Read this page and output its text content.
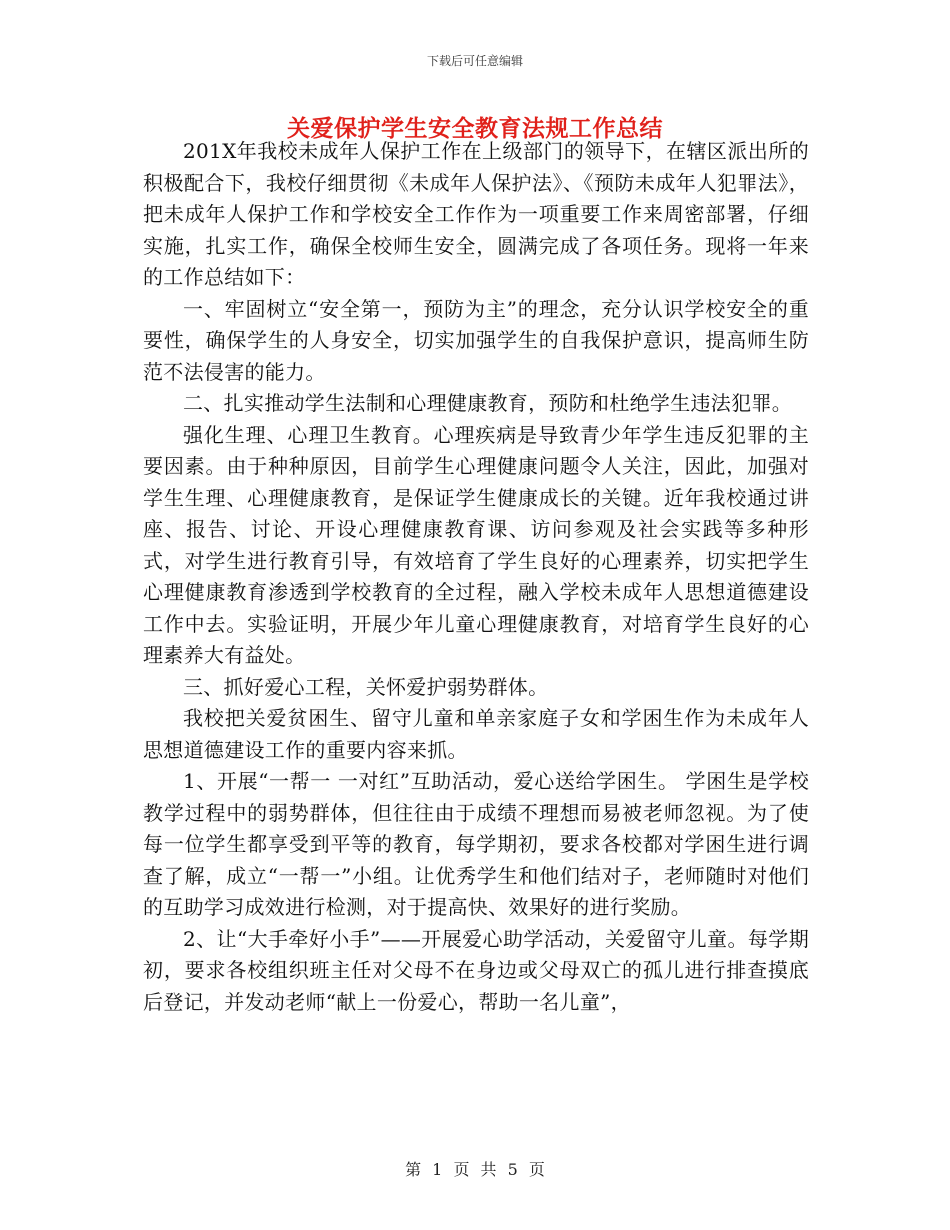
下载后可任意编辑
关爱保护学生安全教育法规工作总结

201X年我校未成年人保护工作在上级部门的领导下，在辖区派出所的积极配合下，我校仔细贯彻《未成年人保护法》、《预防未成年人犯罪法》，把未成年人保护工作和学校安全工作作为一项重要工作来周密部署，仔细实施，扎实工作，确保全校师生安全，圆满完成了各项任务。现将一年来的工作总结如下：

一、牢固树立“安全第一，预防为主”的理念，充分认识学校安全的重要性，确保学生的人身安全，切实加强学生的自我保护意识，提高师生防范不法侵害的能力。

二、扎实推动学生法制和心理健康教育，预防和杜绝学生违法犯罪。

强化生理、心理卫生教育。心理疾病是导致青少年学生违反犯罪的主要因素。由于种种原因，目前学生心理健康问题令人关注，因此，加强对学生生理、心理健康教育，是保证学生健康成长的关键。近年我校通过讲座、报告、讨论、开设心理健康教育课、访问参观及社会实践等多种形式，对学生进行教育引导，有效培育了学生良好的心理素养，切实把学生心理健康教育渗透到学校教育的全过程，融入学校未成年人思想道德建设工作中去。实验证明，开展少年儿童心理健康教育，对培育学生良好的心理素养大有益处。

三、抓好爱心工程，关怀爱护弱势群体。

我校把关爱贫困生、留守儿童和单亲家庭子女和学困生作为未成年人思想道德建设工作的重要内容来抓。

1、开展“一帮一 一对红”互助活动，爱心送给学困生。 学困生是学校教学过程中的弱势群体，但往往由于成绩不理想而易被老师忽视。为了使每一位学生都享受到平等的教育，每学期初，要求各校都对学困生进行调查了解，成立“一帮一”小组。让优秀学生和他们结对子，老师随时对他们的互助学习成效进行检测，对于提高快、效果好的进行奖励。

2、让“大手牵好小手”——开展爱心助学活动，关爱留守儿童。每学期初，要求各校组织班主任对父母不在身边或父母双亡的孤儿进行排查摸底后登记，并发动老师“献上一份爱心，帮助一名儿童”，

第 1 页 共 5 页
